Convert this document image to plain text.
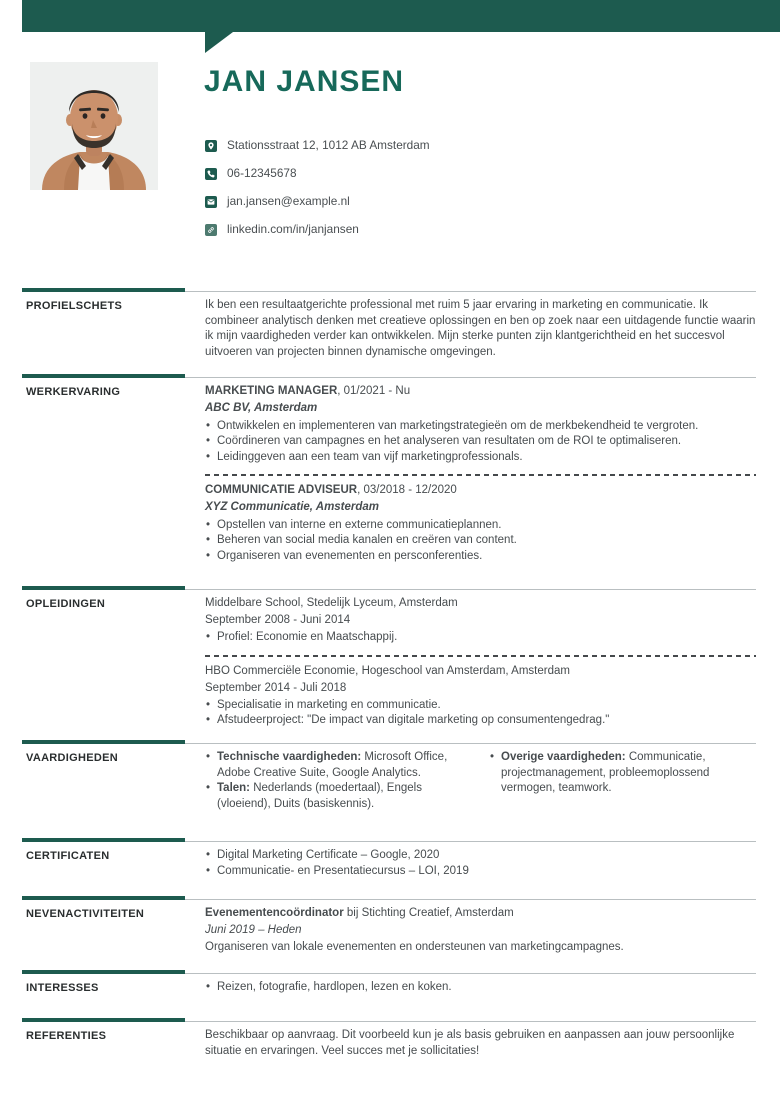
JAN JANSEN
Stationsstraat 12, 1012 AB Amsterdam
06-12345678
jan.jansen@example.nl
linkedin.com/in/janjansen
PROFIELSCHETS	Ik ben een resultaatgerichte professional met ruim 5 jaar ervaring in marketing en communicatie. Ik combineer analytisch denken met creatieve oplossingen en ben op zoek naar een uitdagende functie waarin ik mijn vaardigheden verder kan ontwikkelen. Mijn sterke punten zijn klantgerichtheid en het succesvol uitvoeren van projecten binnen dynamische omgevingen.

WERKERVARING	MARKETING MANAGER, 01/2021 - Nu
ABC BV, Amsterdam
• Ontwikkelen en implementeren van marketingstrategieën om de merkbekendheid te vergroten.
• Coördineren van campagnes en het analyseren van resultaten om de ROI te optimaliseren.
• Leidinggeven aan een team van vijf marketingprofessionals.
COMMUNICATIE ADVISEUR, 03/2018 - 12/2020
XYZ Communicatie, Amsterdam
• Opstellen van interne en externe communicatieplannen.
• Beheren van social media kanalen en creëren van content.
• Organiseren van evenementen en persconferenties.
OPLEIDINGEN	Middelbare School, Stedelijk Lyceum, Amsterdam
September 2008 - Juni 2014
• Profiel: Economie en Maatschappij.
HBO Commerciële Economie, Hogeschool van Amsterdam, Amsterdam
September 2014 - Juli 2018
• Specialisatie in marketing en communicatie.
• Afstudeerproject: "De impact van digitale marketing op consumentengedrag."
VAARDIGHEDEN	• Technische vaardigheden: Microsoft Office, Adobe Creative Suite, Google Analytics.
• Talen: Nederlands (moedertaal), Engels (vloeiend), Duits (basiskennis).
• Overige vaardigheden: Communicatie, projectmanagement, probleemoplossend vermogen, teamwork.
CERTIFICATEN	• Digital Marketing Certificate – Google, 2020
• Communicatie- en Presentatiecursus – LOI, 2019
NEVENACTIVITEITEN	Evenementencoördinator bij Stichting Creatief, Amsterdam
Juni 2019 – Heden
Organiseren van lokale evenementen en ondersteunen van marketingcampagnes.
INTERESSES	• Reizen, fotografie, hardlopen, lezen en koken.
REFERENTIES	Beschikbaar op aanvraag. Dit voorbeeld kun je als basis gebruiken en aanpassen aan jouw persoonlijke situatie en ervaringen. Veel succes met je sollicitaties!
